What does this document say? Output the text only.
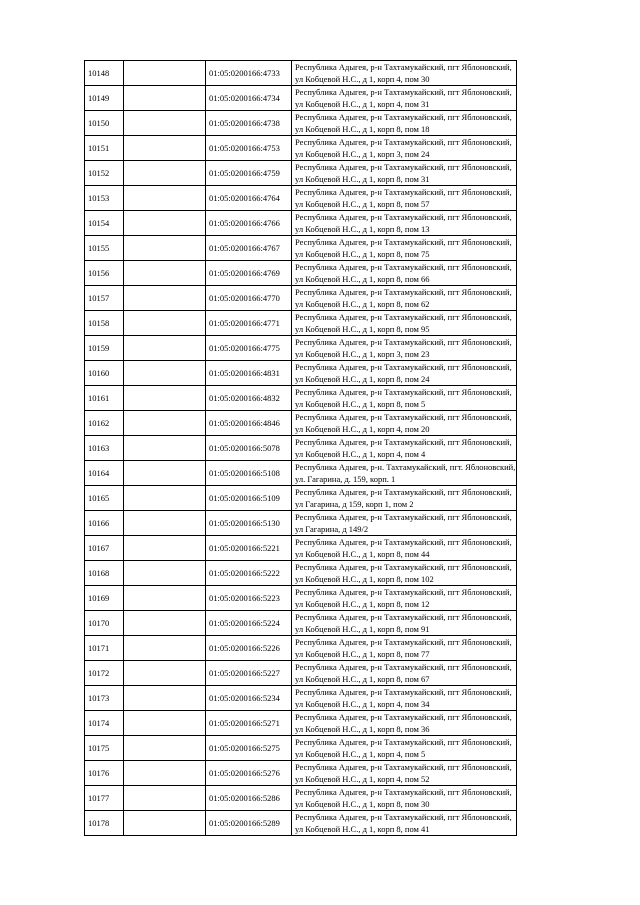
10148		01:05:0200166:4733	Республика Адыгея, р-н Тахтамукайский, пгт Яблоновский,
ул Кобцевой Н.С., д 1, корп 4, пом 30

10149		01:05:0200166:4734	Республика Адыгея, р-н Тахтамукайский, пгт Яблоновский,
ул Кобцевой Н.С., д 1, корп 4, пом 31

10150		01:05:0200166:4738	Республика Адыгея, р-н Тахтамукайский, пгт Яблоновский,
ул Кобцевой Н.С., д 1, корп 8, пом 18

10151		01:05:0200166:4753	Республика Адыгея, р-н Тахтамукайский, пгт Яблоновский,
ул Кобцевой Н.С., д 1, корп 3, пом 24

10152		01:05:0200166:4759	Республика Адыгея, р-н Тахтамукайский, пгт Яблоновский,
ул Кобцевой Н.С., д 1, корп 8, пом 31

10153		01:05:0200166:4764	Республика Адыгея, р-н Тахтамукайский, пгт Яблоновский,
ул Кобцевой Н.С., д 1, корп 8, пом 57

10154		01:05:0200166:4766	Республика Адыгея, р-н Тахтамукайский, пгт Яблоновский,
ул Кобцевой Н.С., д 1, корп 8, пом 13

10155		01:05:0200166:4767	Республика Адыгея, р-н Тахтамукайский, пгт Яблоновский,
ул Кобцевой Н.С., д 1, корп 8, пом 75

10156		01:05:0200166:4769	Республика Адыгея, р-н Тахтамукайский, пгт Яблоновский,
ул Кобцевой Н.С., д 1, корп 8, пом 66

10157		01:05:0200166:4770	Республика Адыгея, р-н Тахтамукайский, пгт Яблоновский,
ул Кобцевой Н.С., д 1, корп 8, пом 62

10158		01:05:0200166:4771	Республика Адыгея, р-н Тахтамукайский, пгт Яблоновский,
ул Кобцевой Н.С., д 1, корп 8, пом 95

10159		01:05:0200166:4775	Республика Адыгея, р-н Тахтамукайский, пгт Яблоновский,
ул Кобцевой Н.С., д 1, корп 3, пом 23

10160		01:05:0200166:4831	Республика Адыгея, р-н Тахтамукайский, пгт Яблоновский,
ул Кобцевой Н.С., д 1, корп 8, пом 24

10161		01:05:0200166:4832	Республика Адыгея, р-н Тахтамукайский, пгт Яблоновский,
ул Кобцевой Н.С., д 1, корп 8, пом 5

10162		01:05:0200166:4846	Республика Адыгея, р-н Тахтамукайский, пгт Яблоновский,
ул Кобцевой Н.С., д 1, корп 4, пом 20

10163		01:05:0200166:5078	Республика Адыгея, р-н Тахтамукайский, пгт Яблоновский,
ул Кобцевой Н.С., д 1, корп 4, пом 4

10164		01:05:0200166:5108	Республика Адыгея, р-н. Тахтамукайский, пгт. Яблоновский,
ул. Гагарина, д. 159, корп. 1

10165		01:05:0200166:5109	Республика Адыгея, р-н Тахтамукайский, пгт Яблоновский,
ул Гагарина, д 159, корп 1, пом 2

10166		01:05:0200166:5130	Республика Адыгея, р-н Тахтамукайский, пгт Яблоновский,
ул Гагарина, д 149/2

10167		01:05:0200166:5221	Республика Адыгея, р-н Тахтамукайский, пгт Яблоновский,
ул Кобцевой Н.С., д 1, корп 8, пом 44

10168		01:05:0200166:5222	Республика Адыгея, р-н Тахтамукайский, пгт Яблоновский,
ул Кобцевой Н.С., д 1, корп 8, пом 102

10169		01:05:0200166:5223	Республика Адыгея, р-н Тахтамукайский, пгт Яблоновский,
ул Кобцевой Н.С., д 1, корп 8, пом 12

10170		01:05:0200166:5224	Республика Адыгея, р-н Тахтамукайский, пгт Яблоновский,
ул Кобцевой Н.С., д 1, корп 8, пом 91

10171		01:05:0200166:5226	Республика Адыгея, р-н Тахтамукайский, пгт Яблоновский,
ул Кобцевой Н.С., д 1, корп 8, пом 77

10172		01:05:0200166:5227	Республика Адыгея, р-н Тахтамукайский, пгт Яблоновский,
ул Кобцевой Н.С., д 1, корп 8, пом 67

10173		01:05:0200166:5234	Республика Адыгея, р-н Тахтамукайский, пгт Яблоновский,
ул Кобцевой Н.С., д 1, корп 4, пом 34

10174		01:05:0200166:5271	Республика Адыгея, р-н Тахтамукайский, пгт Яблоновский,
ул Кобцевой Н.С., д 1, корп 8, пом 36

10175		01:05:0200166:5275	Республика Адыгея, р-н Тахтамукайский, пгт Яблоновский,
ул Кобцевой Н.С., д 1, корп 4, пом 5

10176		01:05:0200166:5276	Республика Адыгея, р-н Тахтамукайский, пгт Яблоновский,
ул Кобцевой Н.С., д 1, корп 4, пом 52

10177		01:05:0200166:5286	Республика Адыгея, р-н Тахтамукайский, пгт Яблоновский,
ул Кобцевой Н.С., д 1, корп 8, пом 30

10178		01:05:0200166:5289	Республика Адыгея, р-н Тахтамукайский, пгт Яблоновский,
ул Кобцевой Н.С., д 1, корп 8, пом 41
